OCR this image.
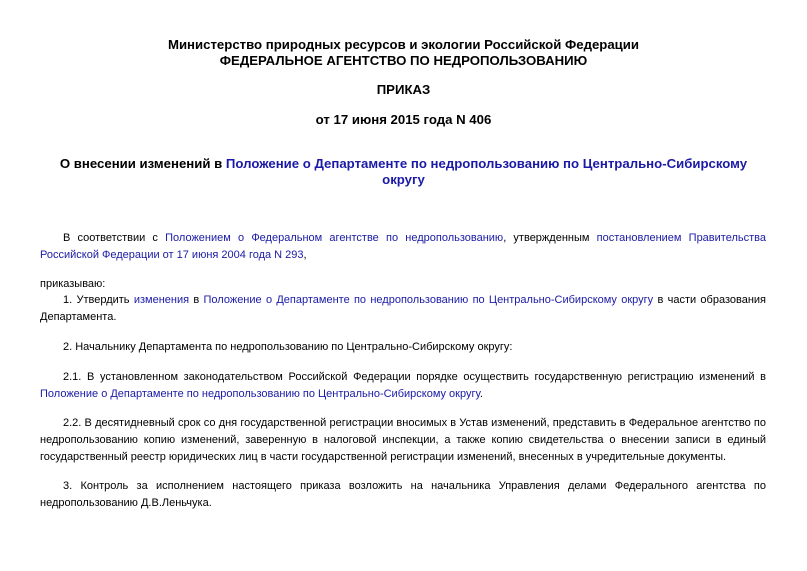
Министерство природных ресурсов и экологии Российской Федерации
ФЕДЕРАЛЬНОЕ АГЕНТСТВО ПО НЕДРОПОЛЬЗОВАНИЮ
ПРИКАЗ
от 17 июня 2015 года N 406
О внесении изменений в Положение о Департаменте по недропользованию по Центрально-Сибирскому
округу
В соответствии с Положением о Федеральном агентстве по недропользованию, утвержденным постановлением Правительства Российской Федерации от 17 июня 2004 года N 293,
приказываю:
1. Утвердить изменения в Положение о Департаменте по недропользованию по Центрально-Сибирскому округу в части образования Департамента.
2. Начальнику Департамента по недропользованию по Центрально-Сибирскому округу:
2.1. В установленном законодательством Российской Федерации порядке осуществить государственную регистрацию изменений в Положение о Департаменте по недропользованию по Центрально-Сибирскому округу.
2.2. В десятидневный срок со дня государственной регистрации вносимых в Устав изменений, представить в Федеральное агентство по недропользованию копию изменений, заверенную в налоговой инспекции, а также копию свидетельства о внесении записи в единый государственный реестр юридических лиц в части государственной регистрации изменений, внесенных в учредительные документы.
3. Контроль за исполнением настоящего приказа возложить на начальника Управления делами Федерального агентства по недропользованию Д.В.Леньчука.
